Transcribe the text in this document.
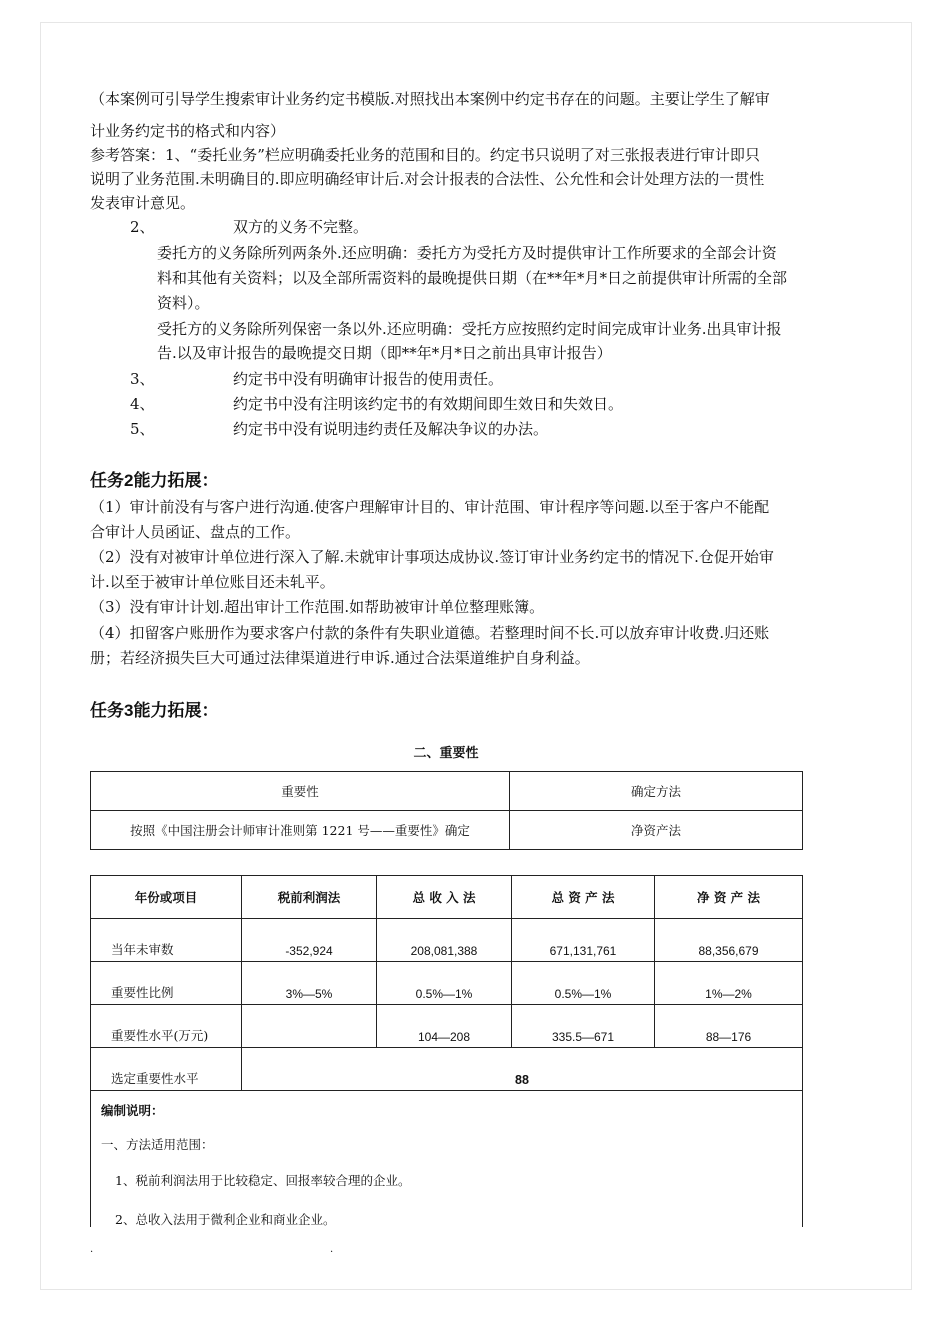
（本案例可引导学生搜索审计业务约定书模版.对照找出本案例中约定书存在的问题。主要让学生了解审
计业务约定书的格式和内容）
参考答案：1、“委托业务”栏应明确委托业务的范围和目的。约定书只说明了对三张报表进行审计即只
说明了业务范围.未明确目的.即应明确经审计后.对会计报表的合法性、公允性和会计处理方法的一贯性
发表审计意见。
2、	双方的义务不完整。
委托方的义务除所列两条外.还应明确：委托方为受托方及时提供审计工作所要求的全部会计资
料和其他有关资料；以及全部所需资料的最晚提供日期（在**年*月*日之前提供审计所需的全部
资料）。
受托方的义务除所列保密一条以外.还应明确：受托方应按照约定时间完成审计业务.出具审计报
告.以及审计报告的最晚提交日期（即**年*月*日之前出具审计报告）
3、	约定书中没有明确审计报告的使用责任。
4、	约定书中没有注明该约定书的有效期间即生效日和失效日。
5、	约定书中没有说明违约责任及解决争议的办法。
任务2能力拓展：
（1）审计前没有与客户进行沟通.使客户理解审计目的、审计范围、审计程序等问题.以至于客户不能配
合审计人员函证、盘点的工作。
（2）没有对被审计单位进行深入了解.未就审计事项达成协议.签订审计业务约定书的情况下.仓促开始审
计.以至于被审计单位账目还未轧平。
（3）没有审计计划.超出审计工作范围.如帮助被审计单位整理账簿。
（4）扣留客户账册作为要求客户付款的条件有失职业道德。若整理时间不长.可以放弃审计收费.归还账
册；若经济损失巨大可通过法律渠道进行申诉.通过合法渠道维护自身利益。
任务3能力拓展：
二、重要性
重要性	确定方法
按照《中国注册会计师审计准则第 1221 号——重要性》确定	净资产法
年份或项目	税前利润法	总 收 入 法	总 资 产 法	净 资 产 法
当年未审数	-352,924	208,081,388	671,131,761	88,356,679
重要性比例	3%—5%	0.5%—1%	0.5%—1%	1%—2%
重要性水平(万元)		104—208	335.5—671	88—176
选定重要性水平	88			
编制说明：
一、方法适用范围：
1、税前利润法用于比较稳定、回报率较合理的企业。
2、总收入法用于微利企业和商业企业。
.	.
